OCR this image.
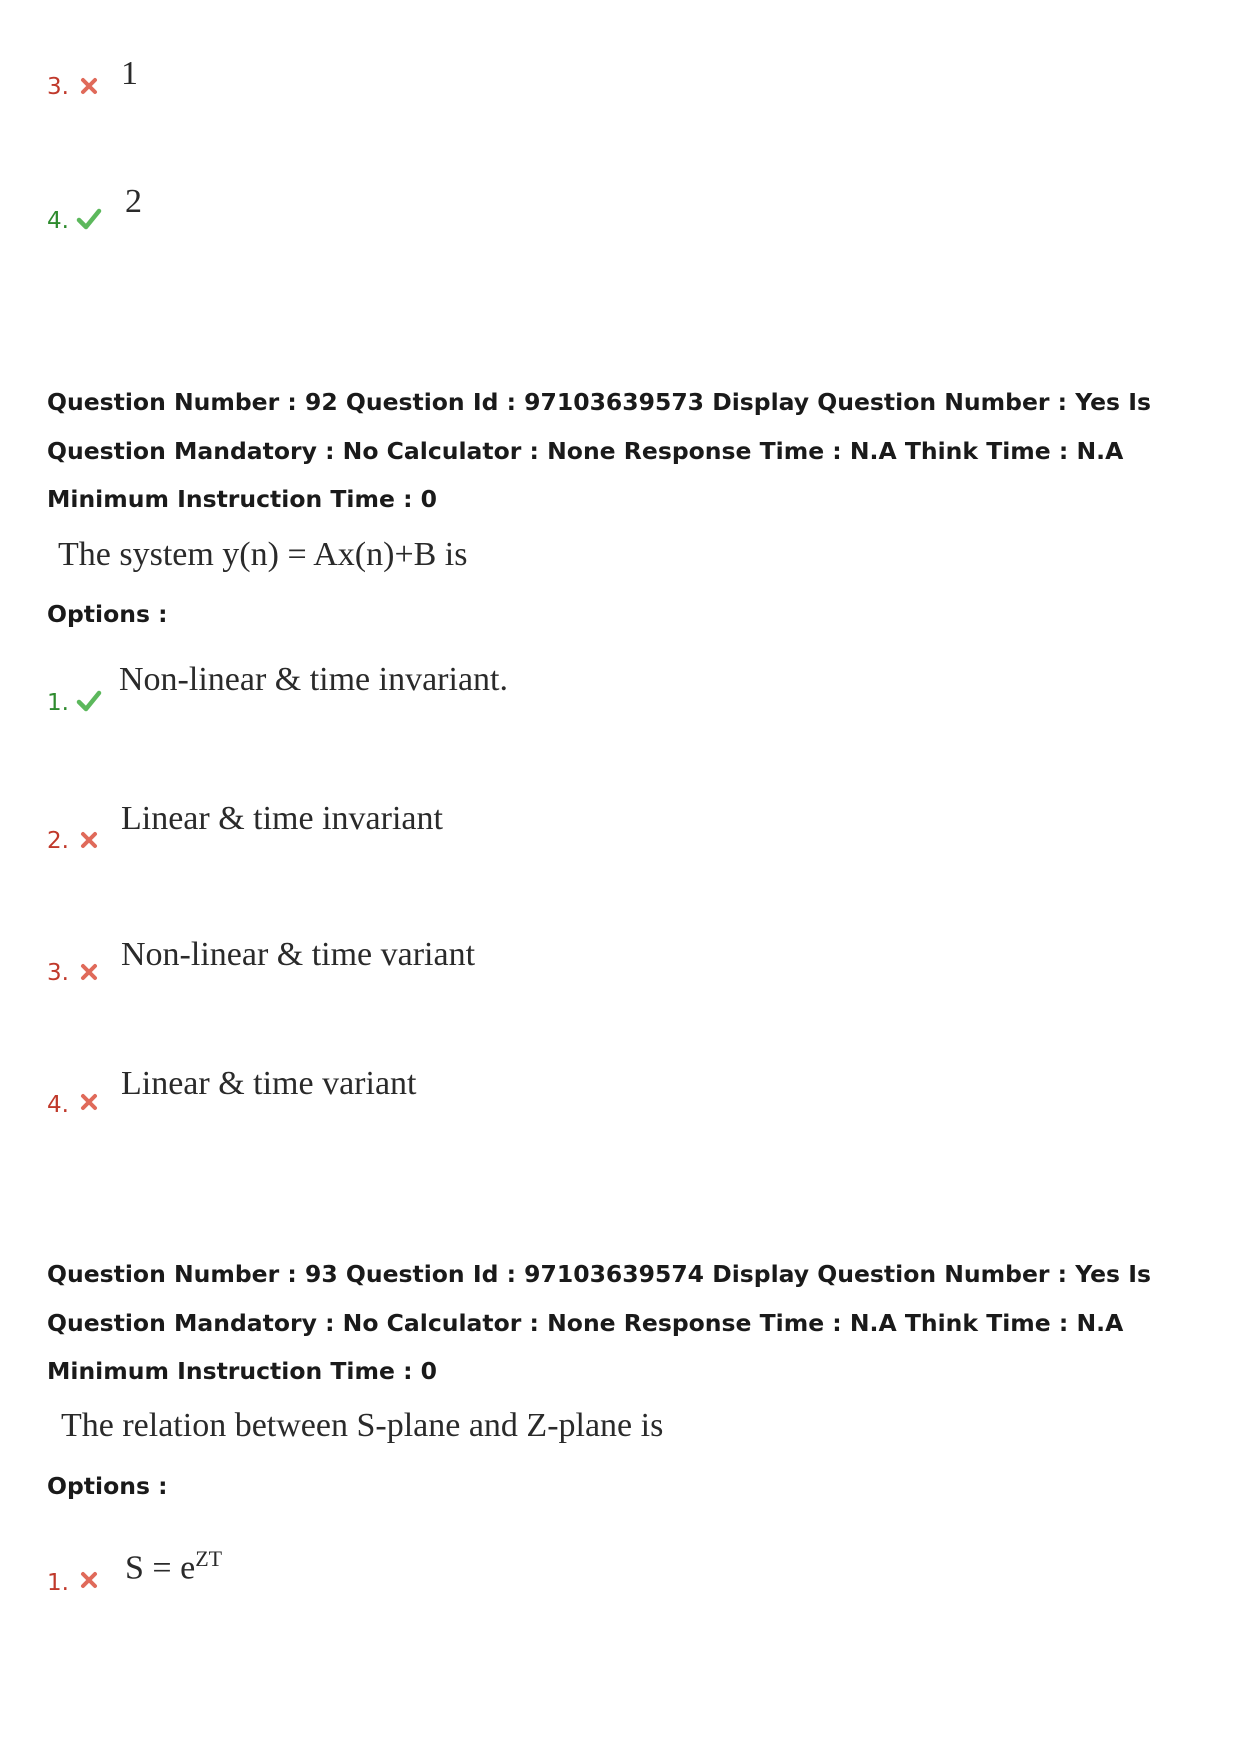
3. 1
4.
2
Question Number : 92 Question Id : 97103639573 Display Question Number : Yes Is Question Mandatory : No Calculator : None Response Time : N.A Think Time : N.A Minimum Instruction Time : 0
The system y(n) = Ax(n)+B is
Options :
1.
Non-linear & time invariant.
2.
Linear & time invariant
3. Non-linear & time variant
4.
Linear & time variant
Question Number : 93 Question Id : 97103639574 Display Question Number : Yes Is Question Mandatory : No Calculator : None Response Time : N.A Think Time : N.A Minimum Instruction Time : 0
The relation between S-plane and Z-plane is
Options :
1. $S = e^{ZT}$
